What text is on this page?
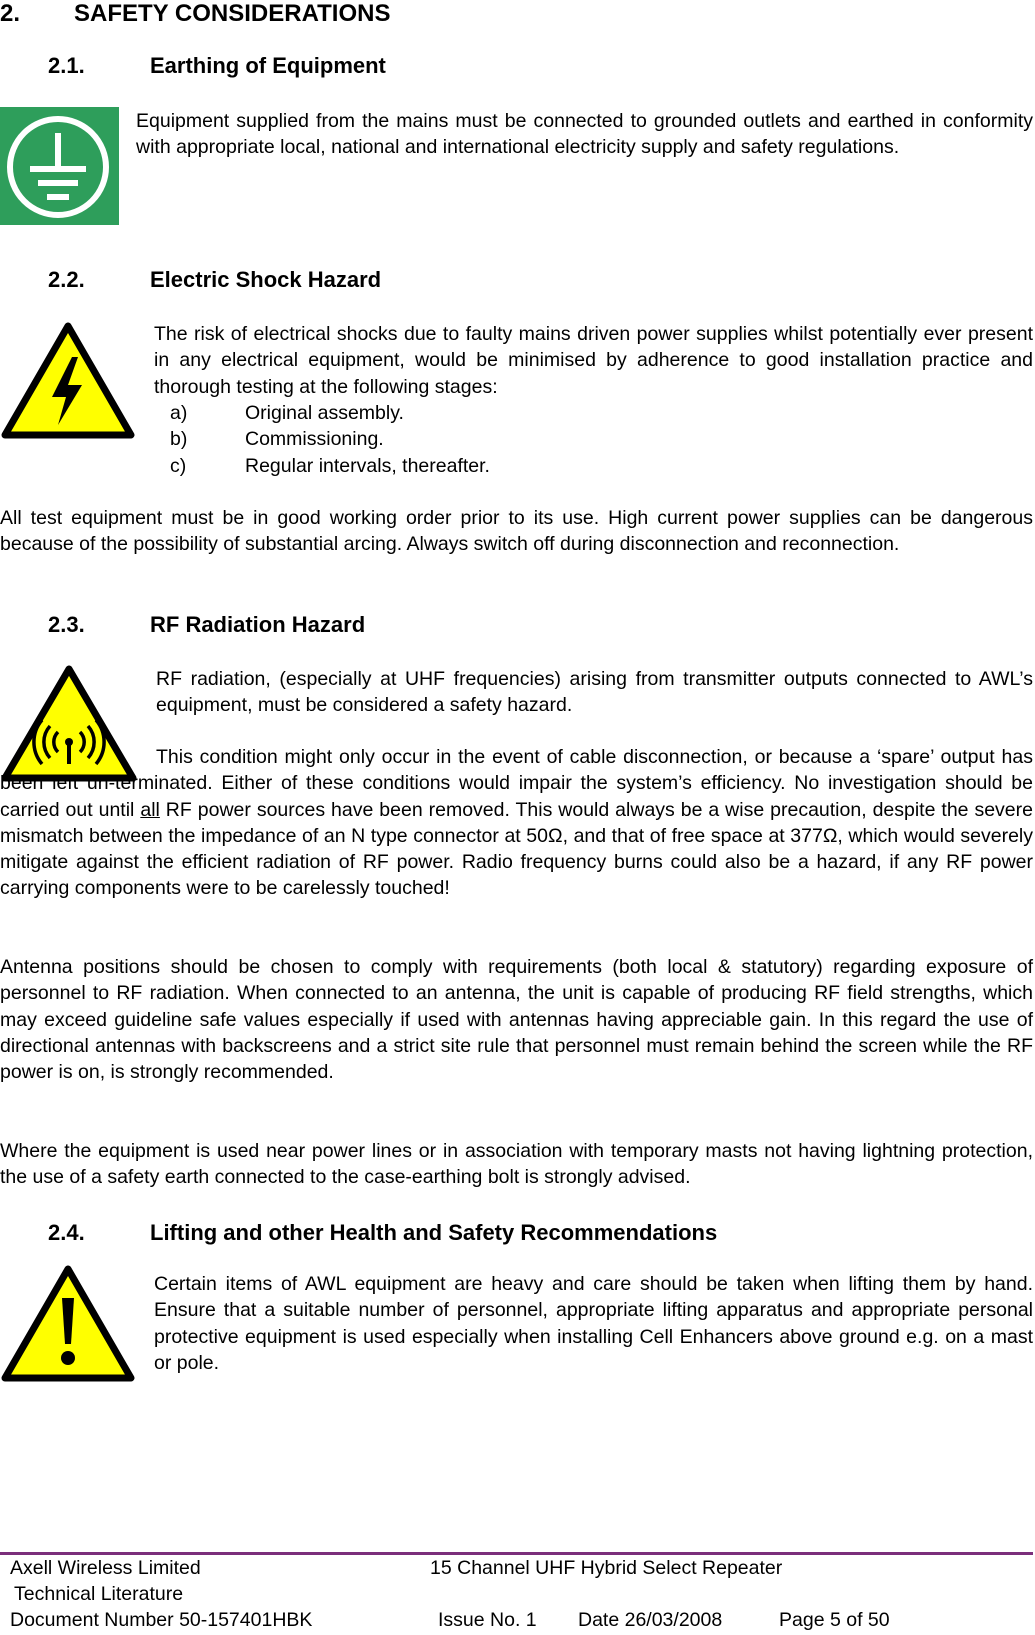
2. SAFETY CONSIDERATIONS
2.1.	Earthing of Equipment
Equipment supplied from the mains must be connected to grounded outlets and earthed in conformity with appropriate local, national and international electricity supply and safety regulations.
2.2.	Electric Shock Hazard
The risk of electrical shocks due to faulty mains driven power supplies whilst potentially ever present in any electrical equipment, would be minimised by adherence to good installation practice and thorough testing at the following stages:
a)	Original assembly.
b)	Commissioning.
c)	Regular intervals, thereafter.
All test equipment must be in good working order prior to its use. High current power supplies can be dangerous because of the possibility of substantial arcing. Always switch off during disconnection and reconnection.
2.3.	RF Radiation Hazard
RF radiation, (especially at UHF frequencies) arising from transmitter outputs connected to AWL’s equipment, must be considered a safety hazard.
This condition might only occur in the event of cable disconnection, or because a ‘spare’ output has been left un-terminated. Either of these conditions would impair the system’s efficiency. No investigation should be carried out until all RF power sources have been removed. This would always be a wise precaution, despite the severe mismatch between the impedance of an N type connector at 50Ω, and that of free space at 377Ω, which would severely mitigate against the efficient radiation of RF power. Radio frequency burns could also be a hazard, if any RF power carrying components were to be carelessly touched!
Antenna positions should be chosen to comply with requirements (both local & statutory) regarding exposure of personnel to RF radiation. When connected to an antenna, the unit is capable of producing RF field strengths, which may exceed guideline safe values especially if used with antennas having appreciable gain. In this regard the use of directional antennas with backscreens and a strict site rule that personnel must remain behind the screen while the RF power is on, is strongly recommended.
Where the equipment is used near power lines or in association with temporary masts not having lightning protection, the use of a safety earth connected to the case-earthing bolt is strongly advised.
2.4.	Lifting and other Health and Safety Recommendations
Certain items of AWL equipment are heavy and care should be taken when lifting them by hand. Ensure that a suitable number of personnel, appropriate lifting apparatus and appropriate personal protective equipment is used especially when installing Cell Enhancers above ground e.g. on a mast or pole.
Axell Wireless Limited	15 Channel UHF Hybrid Select Repeater
Technical Literature
Document Number 50-157401HBK	Issue No. 1 Date 26/03/2008	Page 5 of 50
